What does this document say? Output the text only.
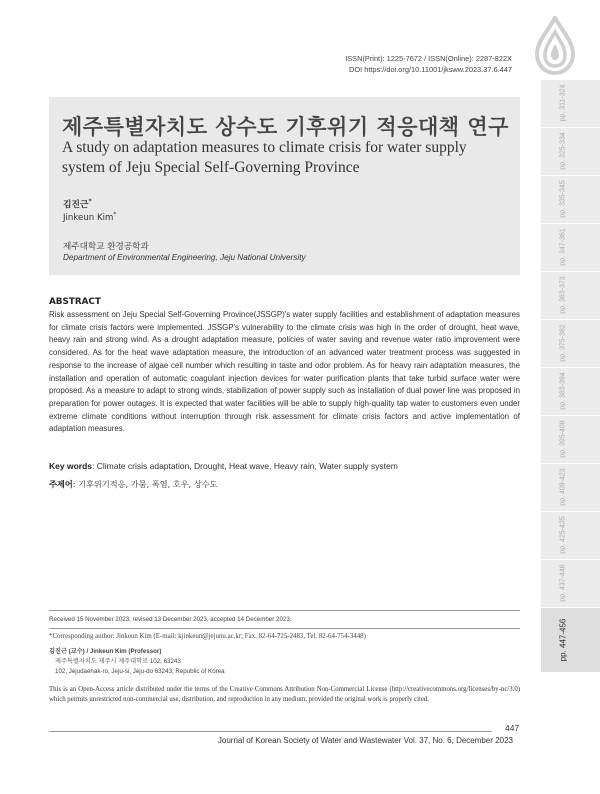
ISSN(Print): 1225-7672 / ISSN(Online): 2287-822X
DOI https://doi.org/10.11001/jksww.2023.37.6.447
제주특별자치도 상수도 기후위기 적응대책 연구
A study on adaptation measures to climate crisis for water supply system of Jeju Special Self-Governing Province
김진근*
Jinkeun Kim*
제주대학교 환경공학과
Department of Environmental Engineering, Jeju National University
ABSTRACT
Risk assessment on Jeju Special Self-Governing Province(JSSGP)'s water supply facilities and establishment of adaptation measures for climate crisis factors were implemented. JSSGP's vulnerability to the climate crisis was high in the order of drought, heat wave, heavy rain and strong wind. As a drought adaptation measure, policies of water saving and revenue water ratio improvement were considered. As for the heat wave adaptation measure, the introduction of an advanced water treatment process was suggested in response to the increase of algae cell number which resulting in taste and odor problem. As for heavy rain adaptation measures, the installation and operation of automatic coagulant injection devices for water purification plants that take turbid surface water were proposed. As a measure to adapt to strong winds, stabilization of power supply such as installation of dual power line was proposed in preparation for power outages. It is expected that water facilities will be able to supply high-quality tap water to customers even under extreme climate conditions without interruption through risk assessment for climate crisis factors and active implementation of adaptation measures.
Key words: Climate crisis adaptation, Drought, Heat wave, Heavy rain, Water supply system
주제어: 기후위기적응, 가뭄, 폭염, 호우, 상수도
Received 15 November 2023, revised 13 December 2023, accepted 14 December 2023.
*Corresponding author: Jinkeun Kim (E-mail: kjinkeun@jejunu.ac.kr; Fax. 82-64-725-2483, Tel. 82-64-754-3448)
김진근 (교수) / Jinkeun Kim (Professor)
제주특별자치도 제주시 제주대학로 102, 63243
102, Jejudaehak-ro, Jeju-si, Jeju-do 63243, Republic of Korea
This is an Open-Access article distributed under the terms of the Creative Commons Attribution Non-Commercial License (http://creativecommons.org/licenses/by-nc/3.0) which permits unrestricted non-commercial use, distribution, and reproduction in any medium, provided the original work is properly cited.
447
Journal of Korean Society of Water and Wastewater Vol. 37, No. 6, December 2023
pp. 311-324
pp. 325-334
pp. 335-345
pp. 347-361
pp. 363-373
pp. 375-382
pp. 383-394
pp. 395-408
pp. 409-423
pp. 425-435
pp. 437-446
pp. 447-456
